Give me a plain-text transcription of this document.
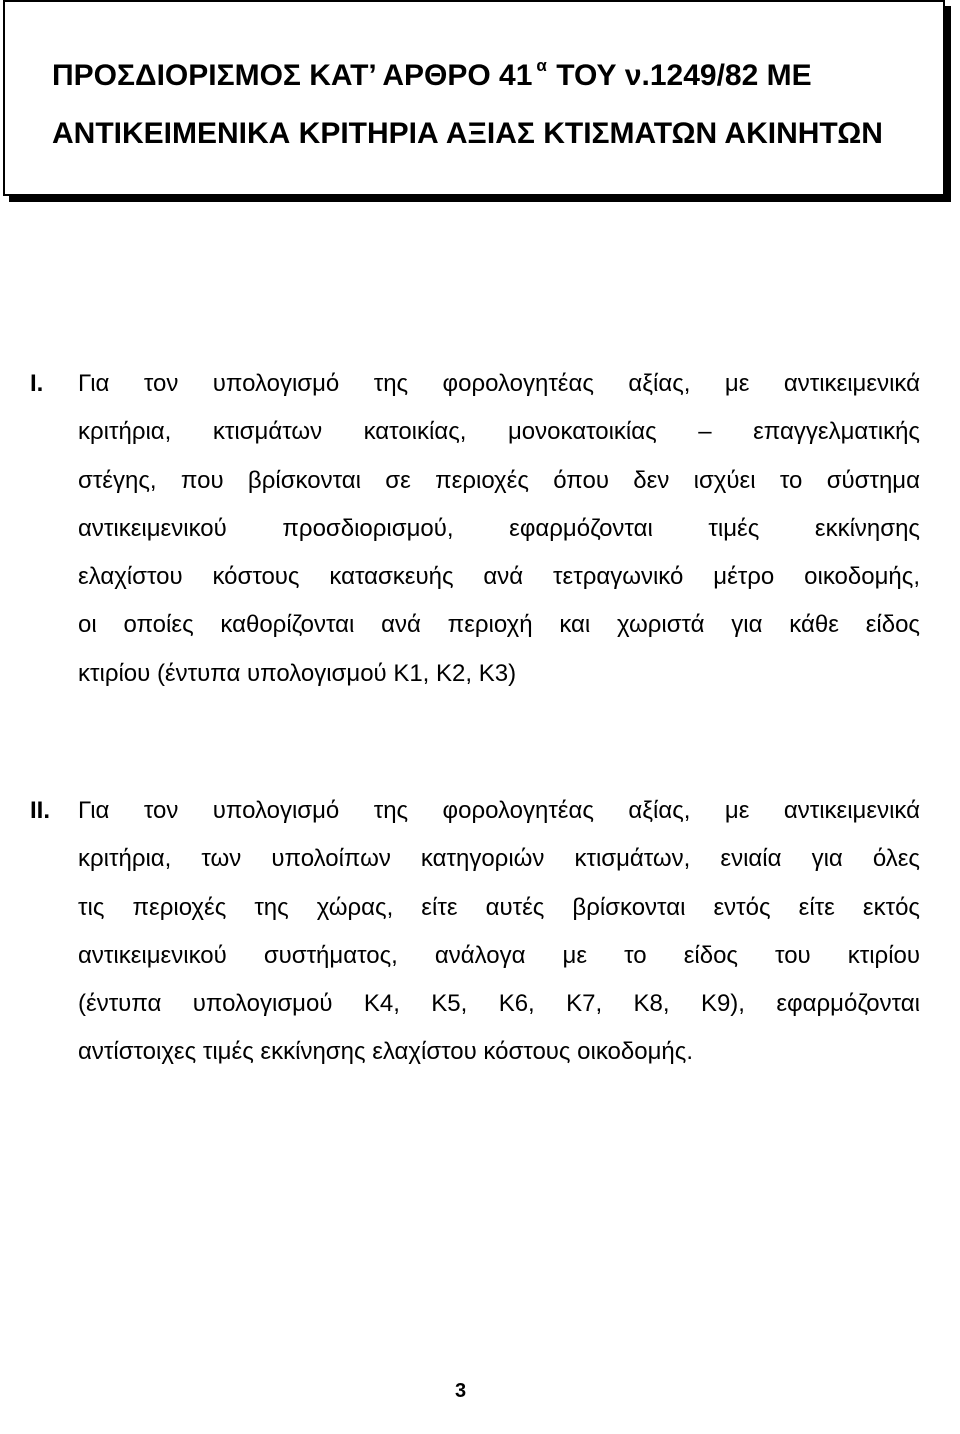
ΠΡΟΣΔΙΟΡΙΣΜΟΣ ΚΑΤ’ ΑΡΘΡΟ 41 $^\alpha$ ΤΟΥ ν.1249/82 ΜΕ
ΑΝΤΙΚΕΙΜΕΝΙΚΑ ΚΡΙΤΗΡΙΑ ΑΞΙΑΣ ΚΤΙΣΜΑΤΩΝ ΑΚΙΝΗΤΩΝ
Ι. Για τον υπολογισμό της φορολογητέας αξίας, με αντικειμενικά
κριτήρια, κτισμάτων κατοικίας, μονοκατοικίας – επαγγελματικής
στέγης, που βρίσκονται σε περιοχές όπου δεν ισχύει το σύστημα
αντικειμενικού προσδιορισμού, εφαρμόζονται τιμές εκκίνησης
ελαχίστου κόστους κατασκευής ανά τετραγωνικό μέτρο οικοδομής,
οι οποίες καθορίζονται ανά περιοχή και χωριστά για κάθε είδος
κτιρίου (έντυπα υπολογισμού Κ1, Κ2, Κ3)
ΙΙ. Για τον υπολογισμό της φορολογητέας αξίας, με αντικειμενικά
κριτήρια, των υπολοίπων κατηγοριών κτισμάτων, ενιαία για όλες
τις περιοχές της χώρας, είτε αυτές βρίσκονται εντός είτε εκτός
αντικειμενικού συστήματος, ανάλογα με το είδος του κτιρίου
(έντυπα υπολογισμού Κ4, Κ5, Κ6, Κ7, Κ8, Κ9), εφαρμόζονται
αντίστοιχες τιμές εκκίνησης ελαχίστου κόστους οικοδομής.
3
